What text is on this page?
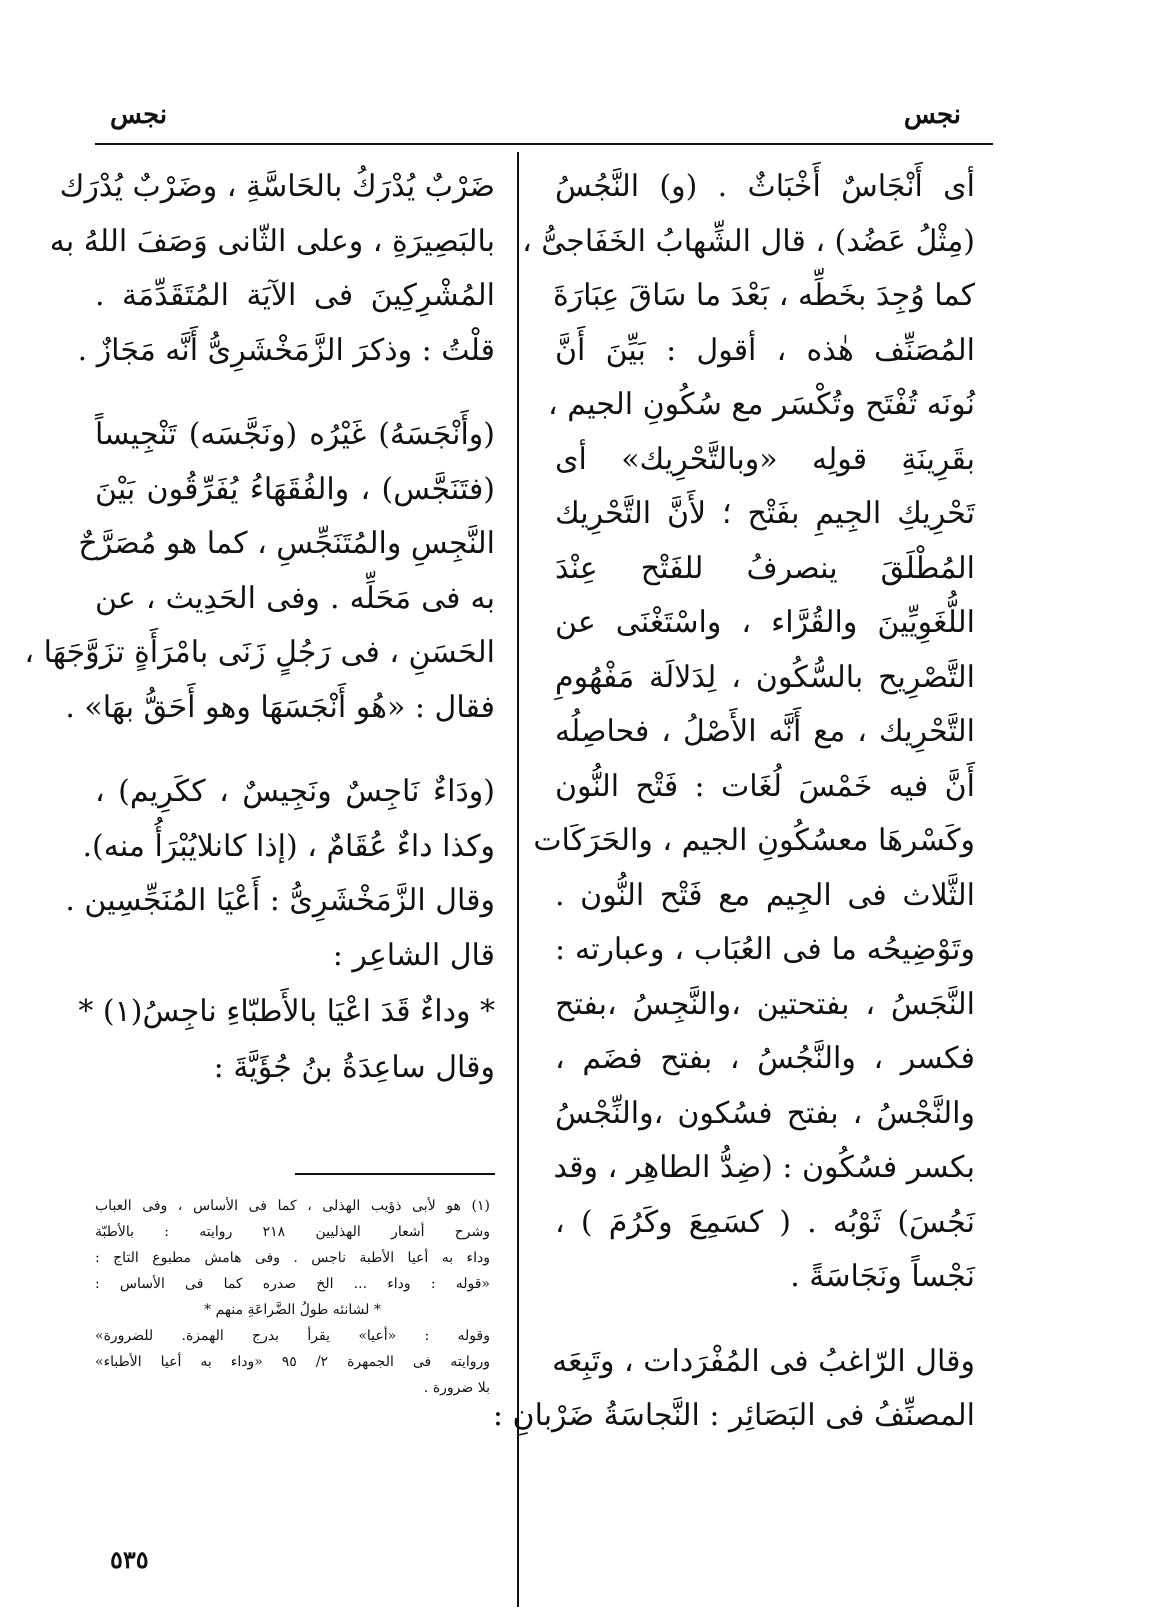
نجس
نجس
أى أَنْجَاسٌ أَخْبَاثٌ . (و) النَّجُسُ
(مِثْلُ عَضُد) ، قال الشِّهابُ الخَفَاجىُّ ،
كما وُجِدَ بخَطِّه ، بَعْدَ ما سَاقَ عِبَارَةَ
المُصَنِّف هٰذه ، أقول : بَيِّنَ أَنَّ
نُونَه تُفْتَح وتُكْسَر مع سُكُونِ الجيم ،
بقَرِينَةِ قولِه «وبالتَّحْرِيك» أى
تَحْرِيكِ الجِيمِ بفَتْح ؛ لأَنَّ التَّحْرِيك
المُطْلَقَ ينصرفُ للفَتْح عِنْدَ
اللُّغَوِيِّينَ والقُرَّاء ، واسْتَغْنَى عن
التَّصْرِيح بالسُّكُون ، لِدَلالَة مَفْهُومِ
التَّحْرِيك ، مع أَنَّه الأَصْلُ ، فحاصِلُه
أَنَّ فيه خَمْسَ لُغَات : فَتْح النُّون
وكَسْرهَا معسُكُونِ الجيم ، والحَرَكَات
الثَّلاث فى الجِيم مع فَتْح النُّون .
وتَوْضِيحُه ما فى العُبَاب ، وعبارته :
النَّجَسُ ، بفتحتين ،والنَّجِسُ ،بفتح
فكسر ، والنَّجُسُ ، بفتح فضَم ،
والنَّجْسُ ، بفتح فسُكون ،والنِّجْسُ
بكسر فسُكُون : (ضِدُّ الطاهِر ، وقد
نَجُسَ) ثَوْبُه . ( كسَمِعَ وكَرُمَ ) ،
نَجْساً ونَجَاسَةً .
وقال الرّاغبُ فى المُفْرَدات ، وتَبِعَه
المصنِّفُ فى البَصَائِر : النَّجاسَةُ ضَرْبانِ :
ضَرْبٌ يُدْرَكُ بالحَاسَّةِ ، وضَرْبٌ يُدْرَك
بالبَصِيرَةِ ، وعلى الثّانى وَصَفَ اللهُ به
المُشْرِكِينَ فى الآيَة المُتَقَدِّمَة .
قلْتُ : وذكرَ الزَّمَخْشَرِىُّ أَنَّه مَجَازٌ .
(وأَنْجَسَهُ) غَيْرُه (ونَجَّسَه) تَنْجِيساً
(فتَنَجَّس) ، والفُقَهَاءُ يُفَرِّقُون بَيْنَ
النَّجِسِ والمُتَنَجِّسِ ، كما هو مُصَرَّحٌ
به فى مَحَلِّه . وفى الحَدِيث ، عن
الحَسَنِ ، فى رَجُلٍ زَنَى بامْرَأَةٍ تزَوَّجَهَا ،
فقال : «هُو أَنْجَسَهَا وهو أَحَقُّ بهَا» .
(ودَاءٌ نَاجِسٌ ونَجِيسٌ ، ككَرِيم) ،
وكذا داءٌ عُقَامٌ ، (إذا كانلايُبْرَأُ منه).
وقال الزَّمَخْشَرِىُّ : أَعْيَا المُنَجِّسِين .
قال الشاعِر :
* وداءٌ قَدَ اعْيَا بالأَطبّاءِ ناجِسُ(١) *
وقال ساعِدَةُ بنُ جُؤَيَّةَ :
(١) هو لأبى ذؤيب الهذلى ، كما فى الأساس ، وفى العباب
وشرح أشعار الهذليين ٢١٨ روايته : بالأطبّة
وداء به أعيا الأطبة ناجس . وفى هامش مطبوع التاج :
«قوله : وداء ... الخ صدره كما فى الأساس :
* لشانئه طولُ الضَّراعَةِ منهم *
وقوله : «أعيا» يقرأ بدرج الهمزة. للضرورة»
وروايته فى الجمهرة ٢/ ٩٥ «وداء به أعيا الأطباء»
بلا ضرورة .
٥٣٥
